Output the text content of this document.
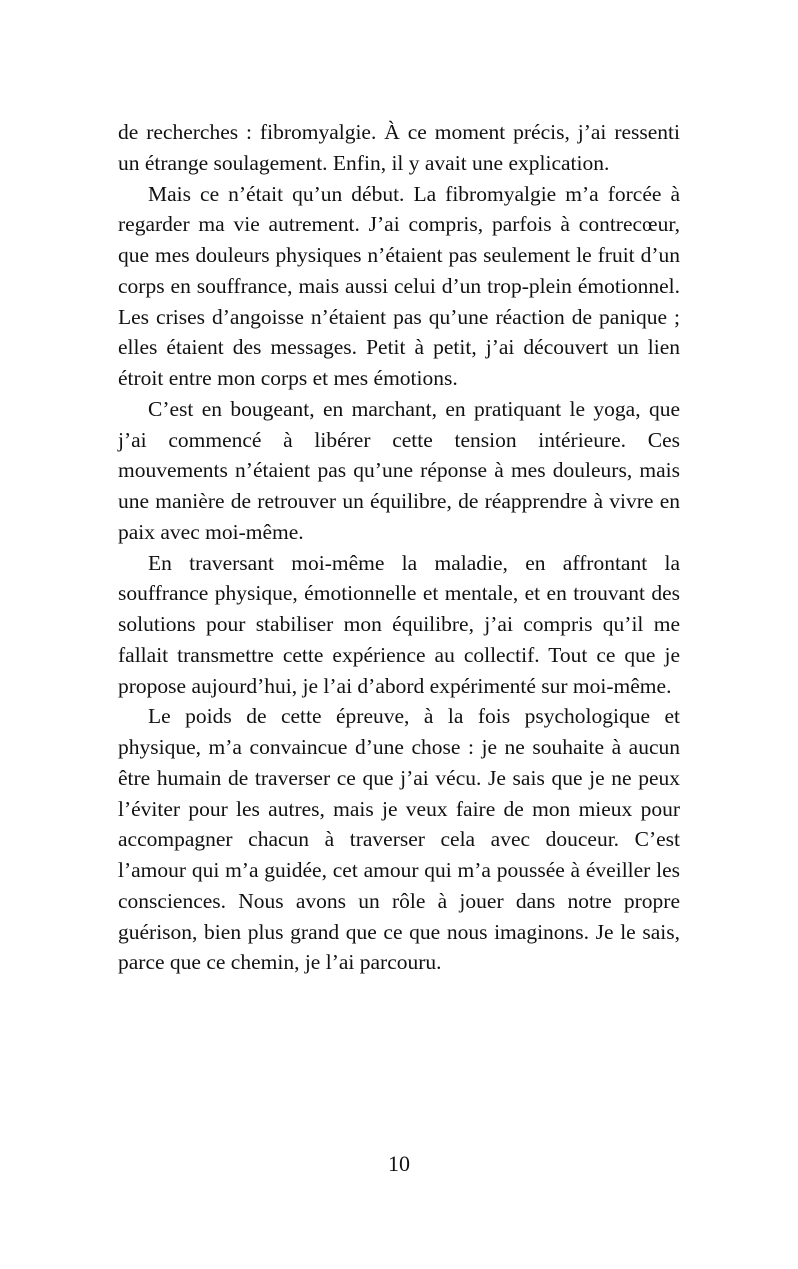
de recherches : fibromyalgie. À ce moment précis, j’ai ressenti un étrange soulagement. Enfin, il y avait une explication.

Mais ce n’était qu’un début. La fibromyalgie m’a forcée à regarder ma vie autrement. J’ai compris, parfois à contrecœur, que mes douleurs physiques n’étaient pas seulement le fruit d’un corps en souffrance, mais aussi celui d’un trop-plein émotionnel. Les crises d’angoisse n’étaient pas qu’une réaction de panique ; elles étaient des messages. Petit à petit, j’ai découvert un lien étroit entre mon corps et mes émotions.

C’est en bougeant, en marchant, en pratiquant le yoga, que j’ai commencé à libérer cette tension intérieure. Ces mouvements n’étaient pas qu’une réponse à mes douleurs, mais une manière de retrouver un équilibre, de réapprendre à vivre en paix avec moi-même.

En traversant moi-même la maladie, en affrontant la souffrance physique, émotionnelle et mentale, et en trouvant des solutions pour stabiliser mon équilibre, j’ai compris qu’il me fallait transmettre cette expérience au collectif. Tout ce que je propose aujourd’hui, je l’ai d’abord expérimenté sur moi-même.

Le poids de cette épreuve, à la fois psychologique et physique, m’a convaincue d’une chose : je ne souhaite à aucun être humain de traverser ce que j’ai vécu. Je sais que je ne peux l’éviter pour les autres, mais je veux faire de mon mieux pour accompagner chacun à traverser cela avec douceur. C’est l’amour qui m’a guidée, cet amour qui m’a poussée à éveiller les consciences. Nous avons un rôle à jouer dans notre propre guérison, bien plus grand que ce que nous imaginons. Je le sais, parce que ce chemin, je l’ai parcouru.

10
